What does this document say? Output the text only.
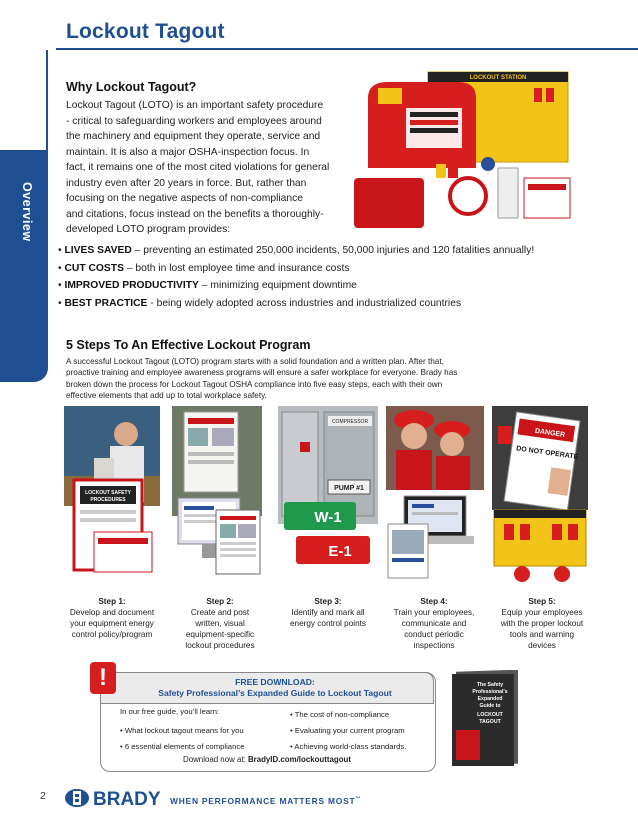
Lockout Tagout
Overview
Why Lockout Tagout?
Lockout Tagout (LOTO) is an important safety procedure
- critical to safeguarding workers and employees around
the machinery and equipment they operate, service and
maintain. It is also a major OSHA-inspection focus. In
fact, it remains one of the most cited violations for general
industry even after 20 years in force. But, rather than
focusing on the negative aspects of non-compliance
and citations, focus instead on the benefits a thoroughly-
developed LOTO program provides:
LOCKOUT STATION
• LIVES SAVED – preventing an estimated 250,000 incidents, 50,000 injuries and 120 fatalities annually!
• CUT COSTS – both in lost employee time and insurance costs
• IMPROVED PRODUCTIVITY – minimizing equipment downtime
• BEST PRACTICE - being widely adopted across industries and industrialized countries
5 Steps To An Effective Lockout Program
A successful Lockout Tagout (LOTO) program starts with a solid foundation and a written plan. After that,
proactive training and employee awareness programs will ensure a safer workplace for everyone. Brady has
broken down the process for Lockout Tagout OSHA compliance into five easy steps, each with their own
effective elements that add up to total workplace safety.
LOCKOUT SAFETY
PROCEDURES
COMPRESSOR
PUMP #1
W-1
E-1
DANGER
DO NOT OPERATE
Step 1:
Develop and document
your equipment energy
control policy/program
Step 2:
Create and post
written, visual
equipment-specific
lockout procedures
Step 3:
Identify and mark all
energy control points
Step 4:
Train your employees,
communicate and
conduct periodic
inspections
Step 5:
Equip your employees
with the proper lockout
tools and warning
devices
!	FREE DOWNLOAD:
Safety Professional’s Expanded Guide to Lockout Tagout
In our free guide, you’ll learn:
• What lockout tagout means for you
• 6 essential elements of compliance
• The cost of non-compliance
• Evaluating your current program
• Achieving world-class standards.
Download now at: BradyID.com/lockouttagout
The Safety
Professional's
Expanded
Guide to
LOCKOUT
TAGOUT
2 BRADY WHEN PERFORMANCE MATTERS MOST™
